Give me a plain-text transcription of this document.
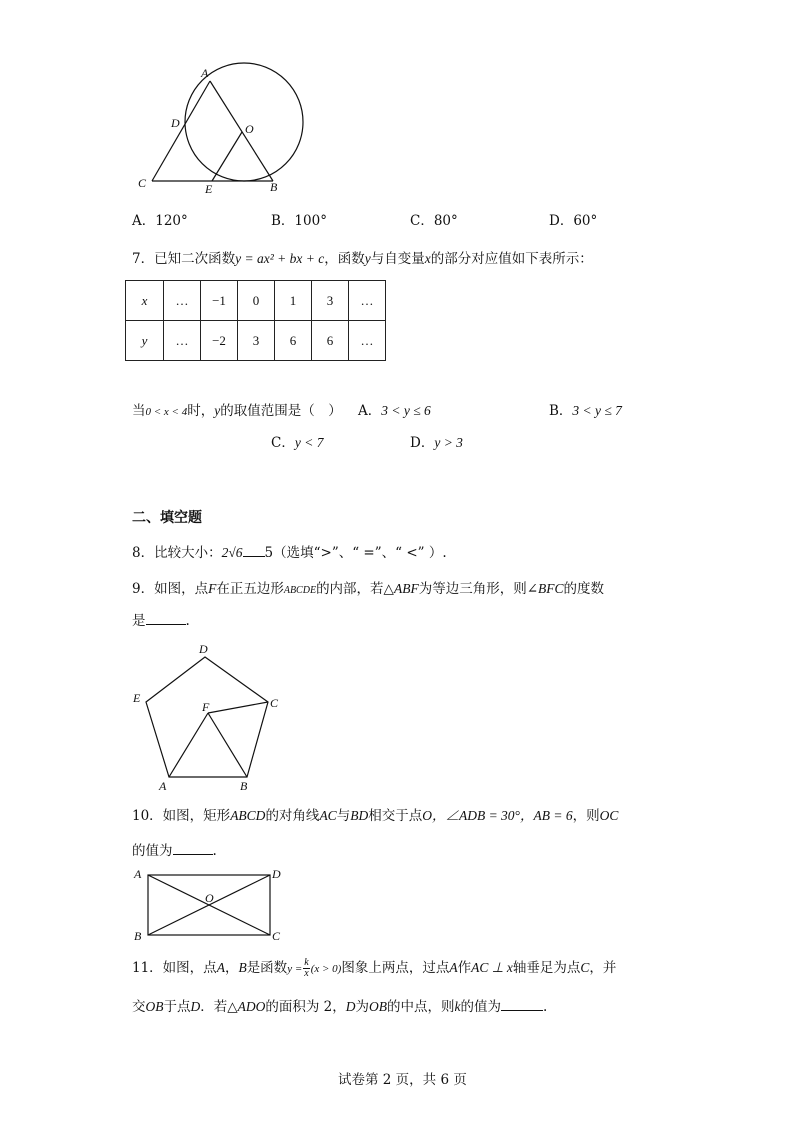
A
D	O
C	E	B
A．120°	B．100°	C．80°	D．60°
7．已知二次函数y = ax² + bx + c，函数y与自变量x的部分对应值如下表所示：
x	…	−1	0	1	3	…
y	…	−2	3	6	6	…
当0 < x < 4时，y的取值范围是（　） A．3 < y ≤ 6	B．3 < y ≤ 7
C．y < 7	D．y > 3
二、填空题
8．比较大小：2√6 5（选填“>”、“ =”、“ <” ）.
9．如图，点F在正五边形ABCDE的内部，若△ABF为等边三角形，则∠BFC的度数
是	.
D
E
F	C
A	B
10．如图，矩形ABCD的对角线AC与BD相交于点O，∠ADB = 30°，AB = 6，则OC
的值为	.
A	D
O
B	C
11．如图，点A，B是函数$y = \frac{k}{x} (x > 0)$图象上两点，过点A作AC ⊥ x轴垂足为点C，并
交OB于点D．若△ADO的面积为 2，D为OB的中点，则k的值为	.
试卷第 2 页，共 6 页
